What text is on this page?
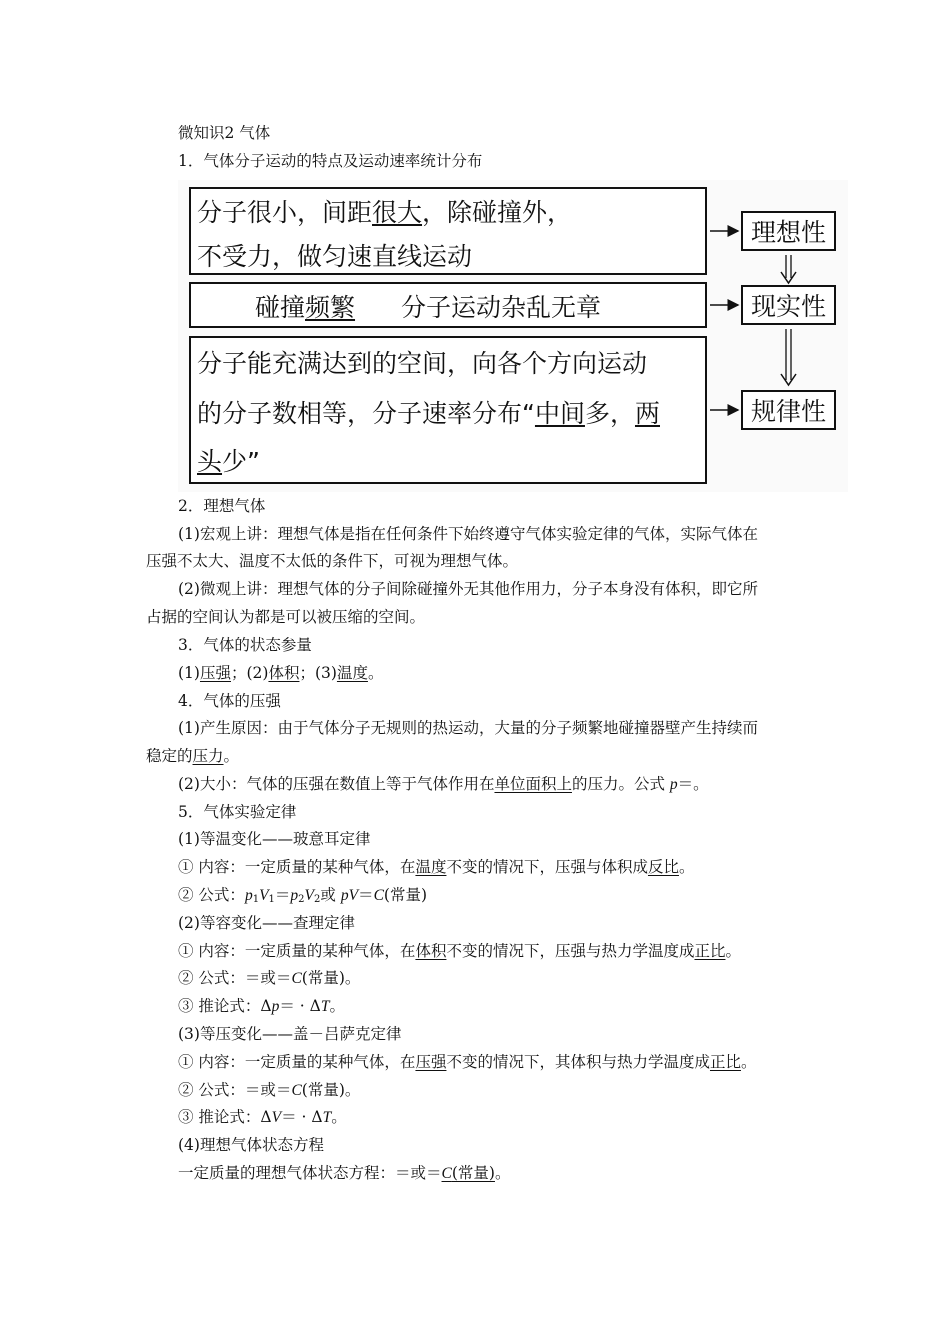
微知识2 气体
1．气体分子运动的特点及运动速率统计分布
分子很小，间距很大，除碰撞外，
不受力，做匀速直线运动
碰撞频繁 分子运动杂乱无章
分子能充满达到的空间，向各个方向运动
的分子数相等，分子速率分布“中间多，两
头少”
理想性
现实性
规律性
2．理想气体
(1)宏观上讲：理想气体是指在任何条件下始终遵守气体实验定律的气体，实际气体在
压强不太大、温度不太低的条件下，可视为理想气体。
(2)微观上讲：理想气体的分子间除碰撞外无其他作用力，分子本身没有体积，即它所
占据的空间认为都是可以被压缩的空间。
3．气体的状态参量
(1)压强；(2)体积；(3)温度。
4．气体的压强
(1)产生原因：由于气体分子无规则的热运动，大量的分子频繁地碰撞器壁产生持续而
稳定的压力。
(2)大小：气体的压强在数值上等于气体作用在单位面积上的压力。公式 p＝。
5．气体实验定律
(1)等温变化——玻意耳定律
① 内容：一定质量的某种气体，在温度不变的情况下，压强与体积成反比。
② 公式：p1V1＝p2V2或 pV＝C(常量)
(2)等容变化——查理定律
① 内容：一定质量的某种气体，在体积不变的情况下，压强与热力学温度成正比。
② 公式：＝或＝C(常量)。
③ 推论式：Δp＝ · ΔT。
(3)等压变化——盖－吕萨克定律
① 内容：一定质量的某种气体，在压强不变的情况下，其体积与热力学温度成正比。
② 公式：＝或＝C(常量)。
③ 推论式：ΔV＝ · ΔT。
(4)理想气体状态方程
一定质量的理想气体状态方程：＝或＝C(常量)。
